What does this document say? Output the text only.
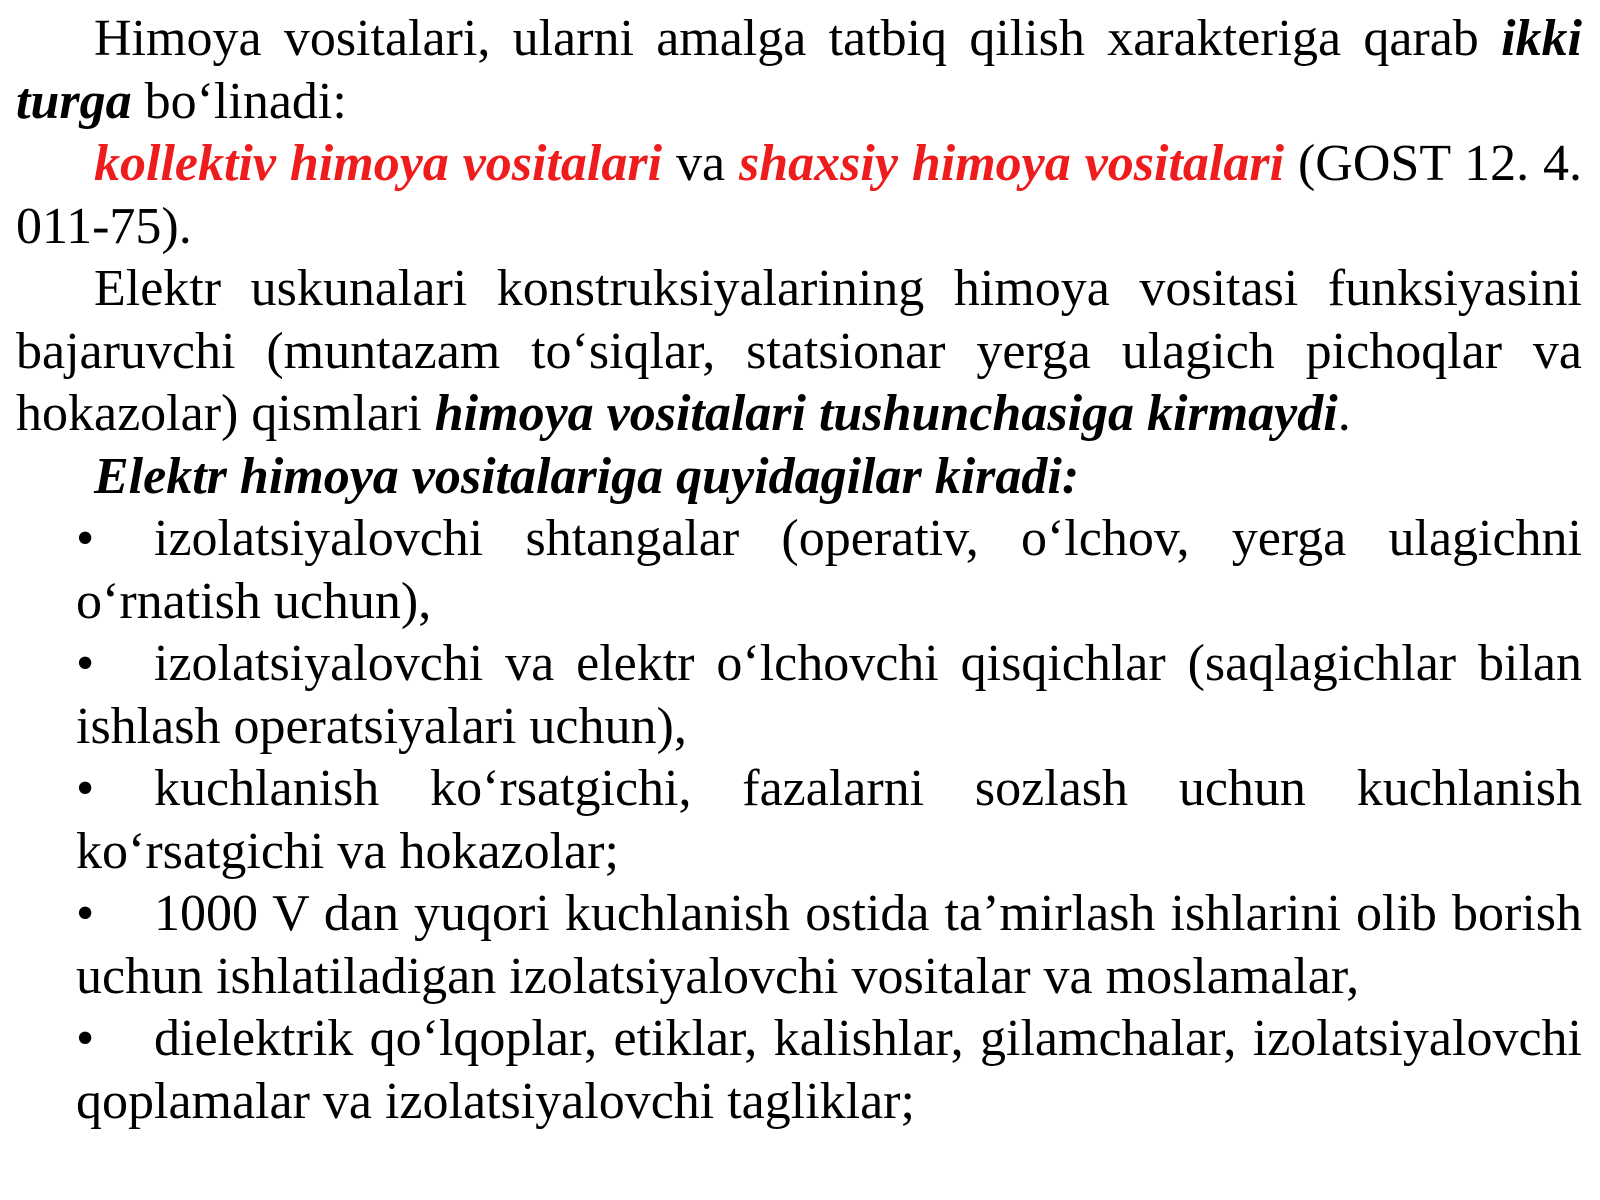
Himoya vositalari, ularni amalga tatbiq qilish xarakteriga qarab ikki turga bo‘linadi:

kollektiv himoya vositalari va shaxsiy himoya vositalari (GOST 12. 4. 011-75).

Elektr uskunalari konstruksiyalarining himoya vositasi funksiyasini bajaruvchi (muntazam to‘siqlar, statsionar yerga ulagich pichoqlar va hokazolar) qismlari himoya vositalari tushunchasiga kirmaydi.

Elektr himoya vositalariga quyidagilar kiradi:

• izolatsiyalovchi shtangalar (operativ, o‘lchov, yerga ulagichni o‘rnatish uchun),
• izolatsiyalovchi va elektr o‘lchovchi qisqichlar (saqlagichlar bilan ishlash operatsiyalari uchun),
• kuchlanish ko‘rsatgichi, fazalarni sozlash uchun kuchlanish ko‘rsatgichi va hokazolar;
• 1000 V dan yuqori kuchlanish ostida ta’mirlash ishlarini olib borish uchun ishlatiladigan izolatsiyalovchi vositalar va moslamalar,
• dielektrik qo‘lqoplar, etiklar, kalishlar, gilamchalar, izolatsiyalovchi qoplamalar va izolatsiyalovchi tagliklar;
